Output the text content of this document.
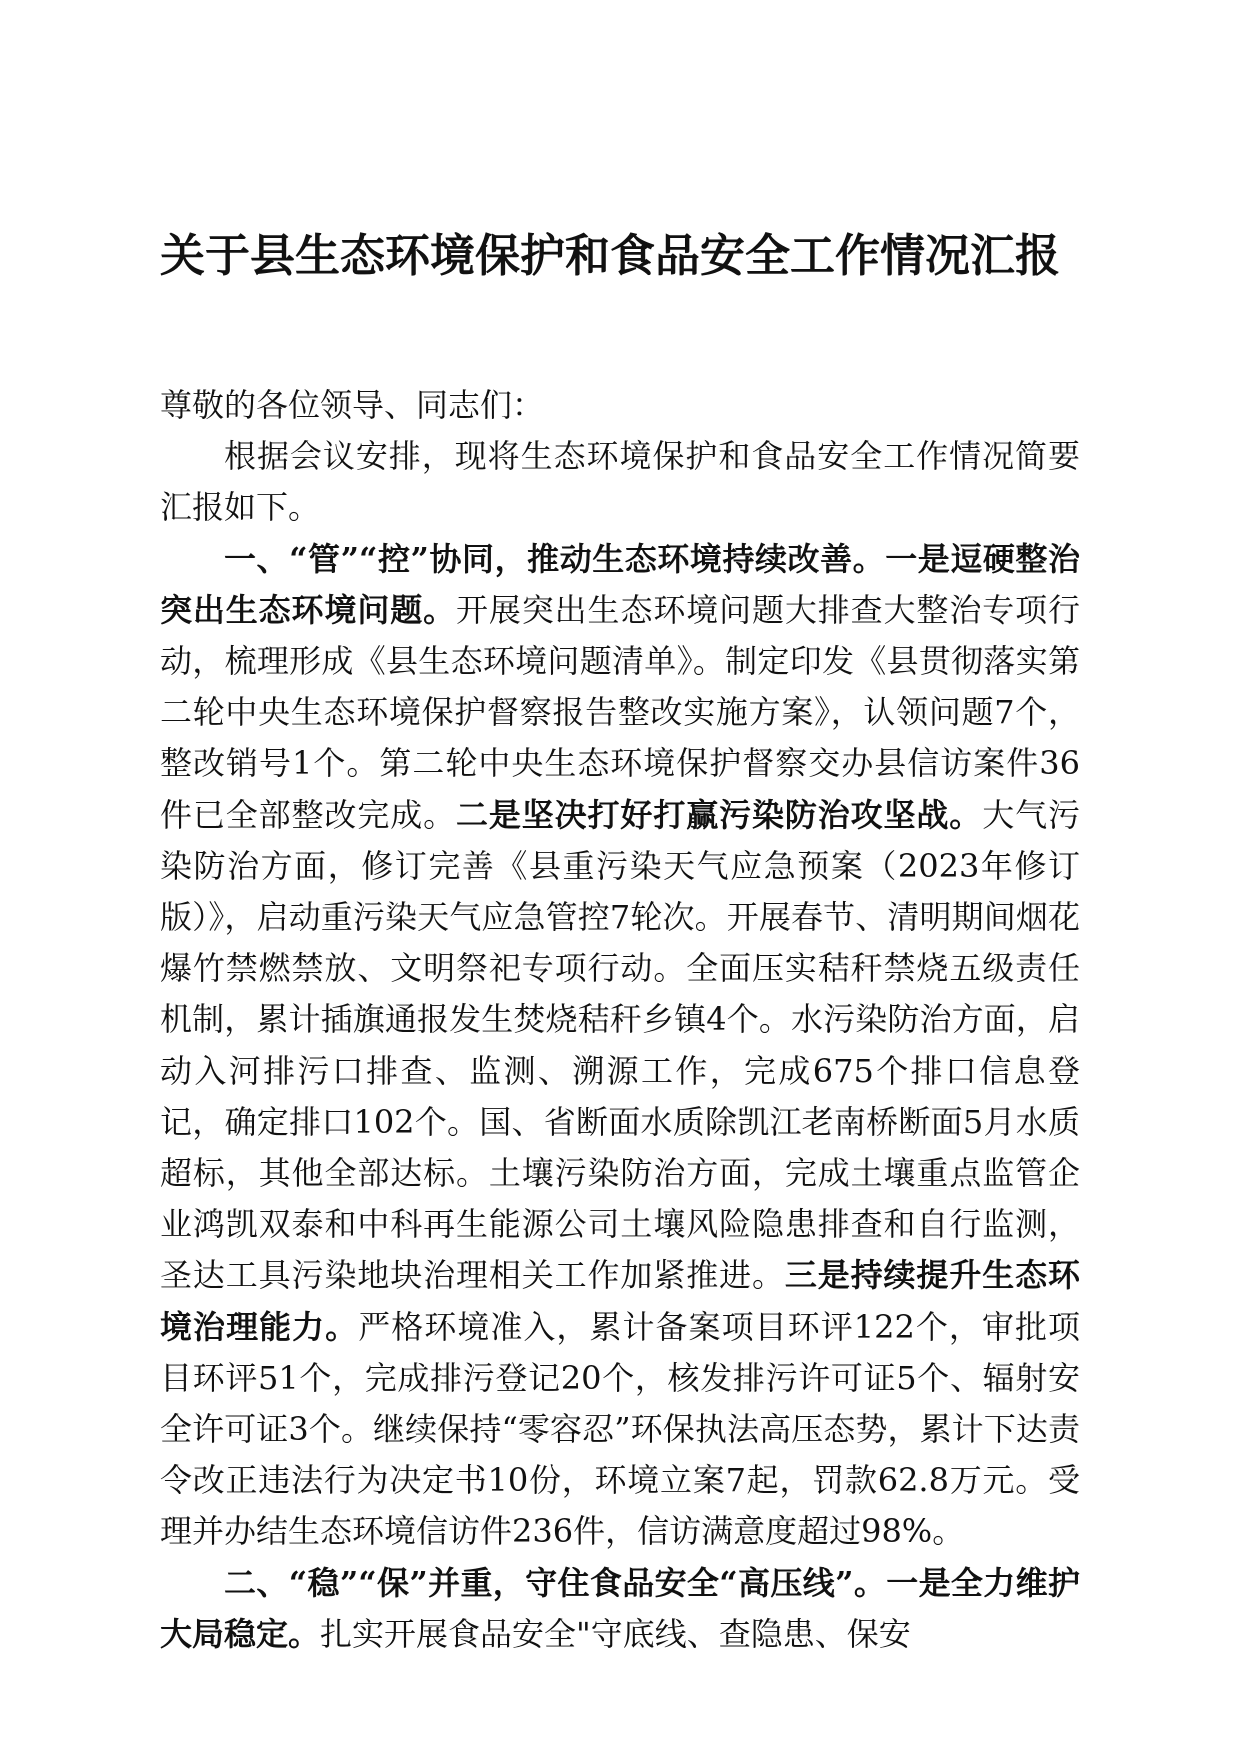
关于县生态环境保护和食品安全工作情况汇报

尊敬的各位领导、同志们：

根据会议安排，现将生态环境保护和食品安全工作情况简要汇报如下。

一、“管”“控”协同，推动生态环境持续改善。一是逗硬整治突出生态环境问题。开展突出生态环境问题大排查大整治专项行动，梳理形成《县生态环境问题清单》。制定印发《县贯彻落实第二轮中央生态环境保护督察报告整改实施方案》，认领问题7个，整改销号1个。第二轮中央生态环境保护督察交办县信访案件36件已全部整改完成。二是坚决打好打赢污染防治攻坚战。大气污染防治方面，修订完善《县重污染天气应急预案（2023年修订版）》，启动重污染天气应急管控7轮次。开展春节、清明期间烟花爆竹禁燃禁放、文明祭祀专项行动。全面压实秸秆禁烧五级责任机制，累计插旗通报发生焚烧秸秆乡镇4个。水污染防治方面，启动入河排污口排查、监测、溯源工作，完成675个排口信息登记，确定排口102个。国、省断面水质除凯江老南桥断面5月水质超标，其他全部达标。土壤污染防治方面，完成土壤重点监管企业鸿凯双泰和中科再生能源公司土壤风险隐患排查和自行监测，圣达工具污染地块治理相关工作加紧推进。三是持续提升生态环境治理能力。严格环境准入，累计备案项目环评122个，审批项目环评51个，完成排污登记20个，核发排污许可证5个、辐射安全许可证3个。继续保持“零容忍”环保执法高压态势，累计下达责令改正违法行为决定书10份，环境立案7起，罚款62.8万元。受理并办结生态环境信访件236件，信访满意度超过98%。

二、“稳”“保”并重，守住食品安全“高压线”。一是全力维护大局稳定。扎实开展食品安全"守底线、查隐患、保安
